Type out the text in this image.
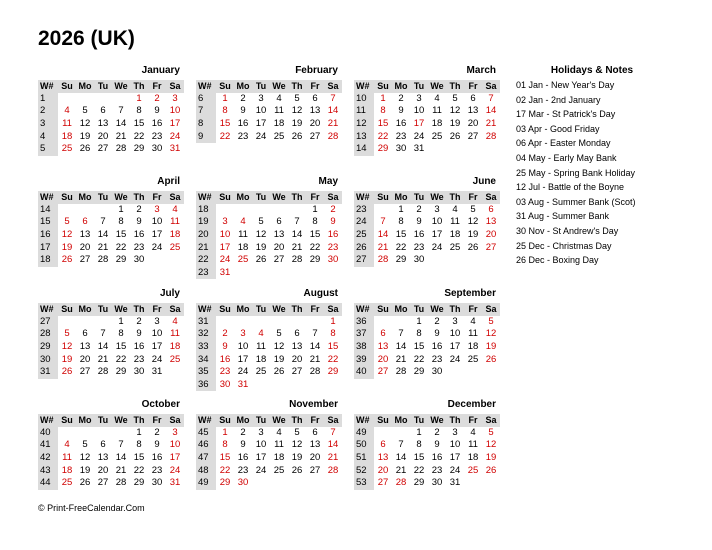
2026 (UK)
January
W#	Su	Mo	Tu	We	Th	Fr	Sa
1					1	2	3
2	4	5	6	7	8	9	10
3	11	12	13	14	15	16	17
4	18	19	20	21	22	23	24
5	25	26	27	28	29	30	31
February
W#	Su	Mo	Tu	We	Th	Fr	Sa
6	1	2	3	4	5	6	7
7	8	9	10	11	12	13	14
8	15	16	17	18	19	20	21
9	22	23	24	25	26	27	28
March
W#	Su	Mo	Tu	We	Th	Fr	Sa
10	1	2	3	4	5	6	7
11	8	9	10	11	12	13	14
12	15	16	17	18	19	20	21
13	22	23	24	25	26	27	28
14	29	30	31				
April
W#	Su	Mo	Tu	We	Th	Fr	Sa
14				1	2	3	4
15	5	6	7	8	9	10	11
16	12	13	14	15	16	17	18
17	19	20	21	22	23	24	25
18	26	27	28	29	30		
May
W#	Su	Mo	Tu	We	Th	Fr	Sa
18						1	2
19	3	4	5	6	7	8	9
20	10	11	12	13	14	15	16
21	17	18	19	20	21	22	23
22	24	25	26	27	28	29	30
23	31						
June
W#	Su	Mo	Tu	We	Th	Fr	Sa
23		1	2	3	4	5	6
24	7	8	9	10	11	12	13
25	14	15	16	17	18	19	20
26	21	22	23	24	25	26	27
27	28	29	30				
July
W#	Su	Mo	Tu	We	Th	Fr	Sa
27				1	2	3	4
28	5	6	7	8	9	10	11
29	12	13	14	15	16	17	18
30	19	20	21	22	23	24	25
31	26	27	28	29	30	31	
August
W#	Su	Mo	Tu	We	Th	Fr	Sa
31							1
32	2	3	4	5	6	7	8
33	9	10	11	12	13	14	15
34	16	17	18	19	20	21	22
35	23	24	25	26	27	28	29
36	30	31					
September
W#	Su	Mo	Tu	We	Th	Fr	Sa
36			1	2	3	4	5
37	6	7	8	9	10	11	12
38	13	14	15	16	17	18	19
39	20	21	22	23	24	25	26
40	27	28	29	30			
October
W#	Su	Mo	Tu	We	Th	Fr	Sa
40					1	2	3
41	4	5	6	7	8	9	10
42	11	12	13	14	15	16	17
43	18	19	20	21	22	23	24
44	25	26	27	28	29	30	31
November
W#	Su	Mo	Tu	We	Th	Fr	Sa
45	1	2	3	4	5	6	7
46	8	9	10	11	12	13	14
47	15	16	17	18	19	20	21
48	22	23	24	25	26	27	28
49	29	30					
December
W#	Su	Mo	Tu	We	Th	Fr	Sa
49			1	2	3	4	5
50	6	7	8	9	10	11	12
51	13	14	15	16	17	18	19
52	20	21	22	23	24	25	26
53	27	28	29	30	31		
Holidays & Notes
01 Jan - New Year's Day
02 Jan - 2nd January
17 Mar - St Patrick's Day
03 Apr - Good Friday
06 Apr - Easter Monday
04 May - Early May Bank
25 May - Spring Bank Holiday
12 Jul - Battle of the Boyne
03 Aug - Summer Bank (Scot)
31 Aug - Summer Bank
30 Nov - St Andrew's Day
25 Dec - Christmas Day
26 Dec - Boxing Day
© Print-FreeCalendar.Com
